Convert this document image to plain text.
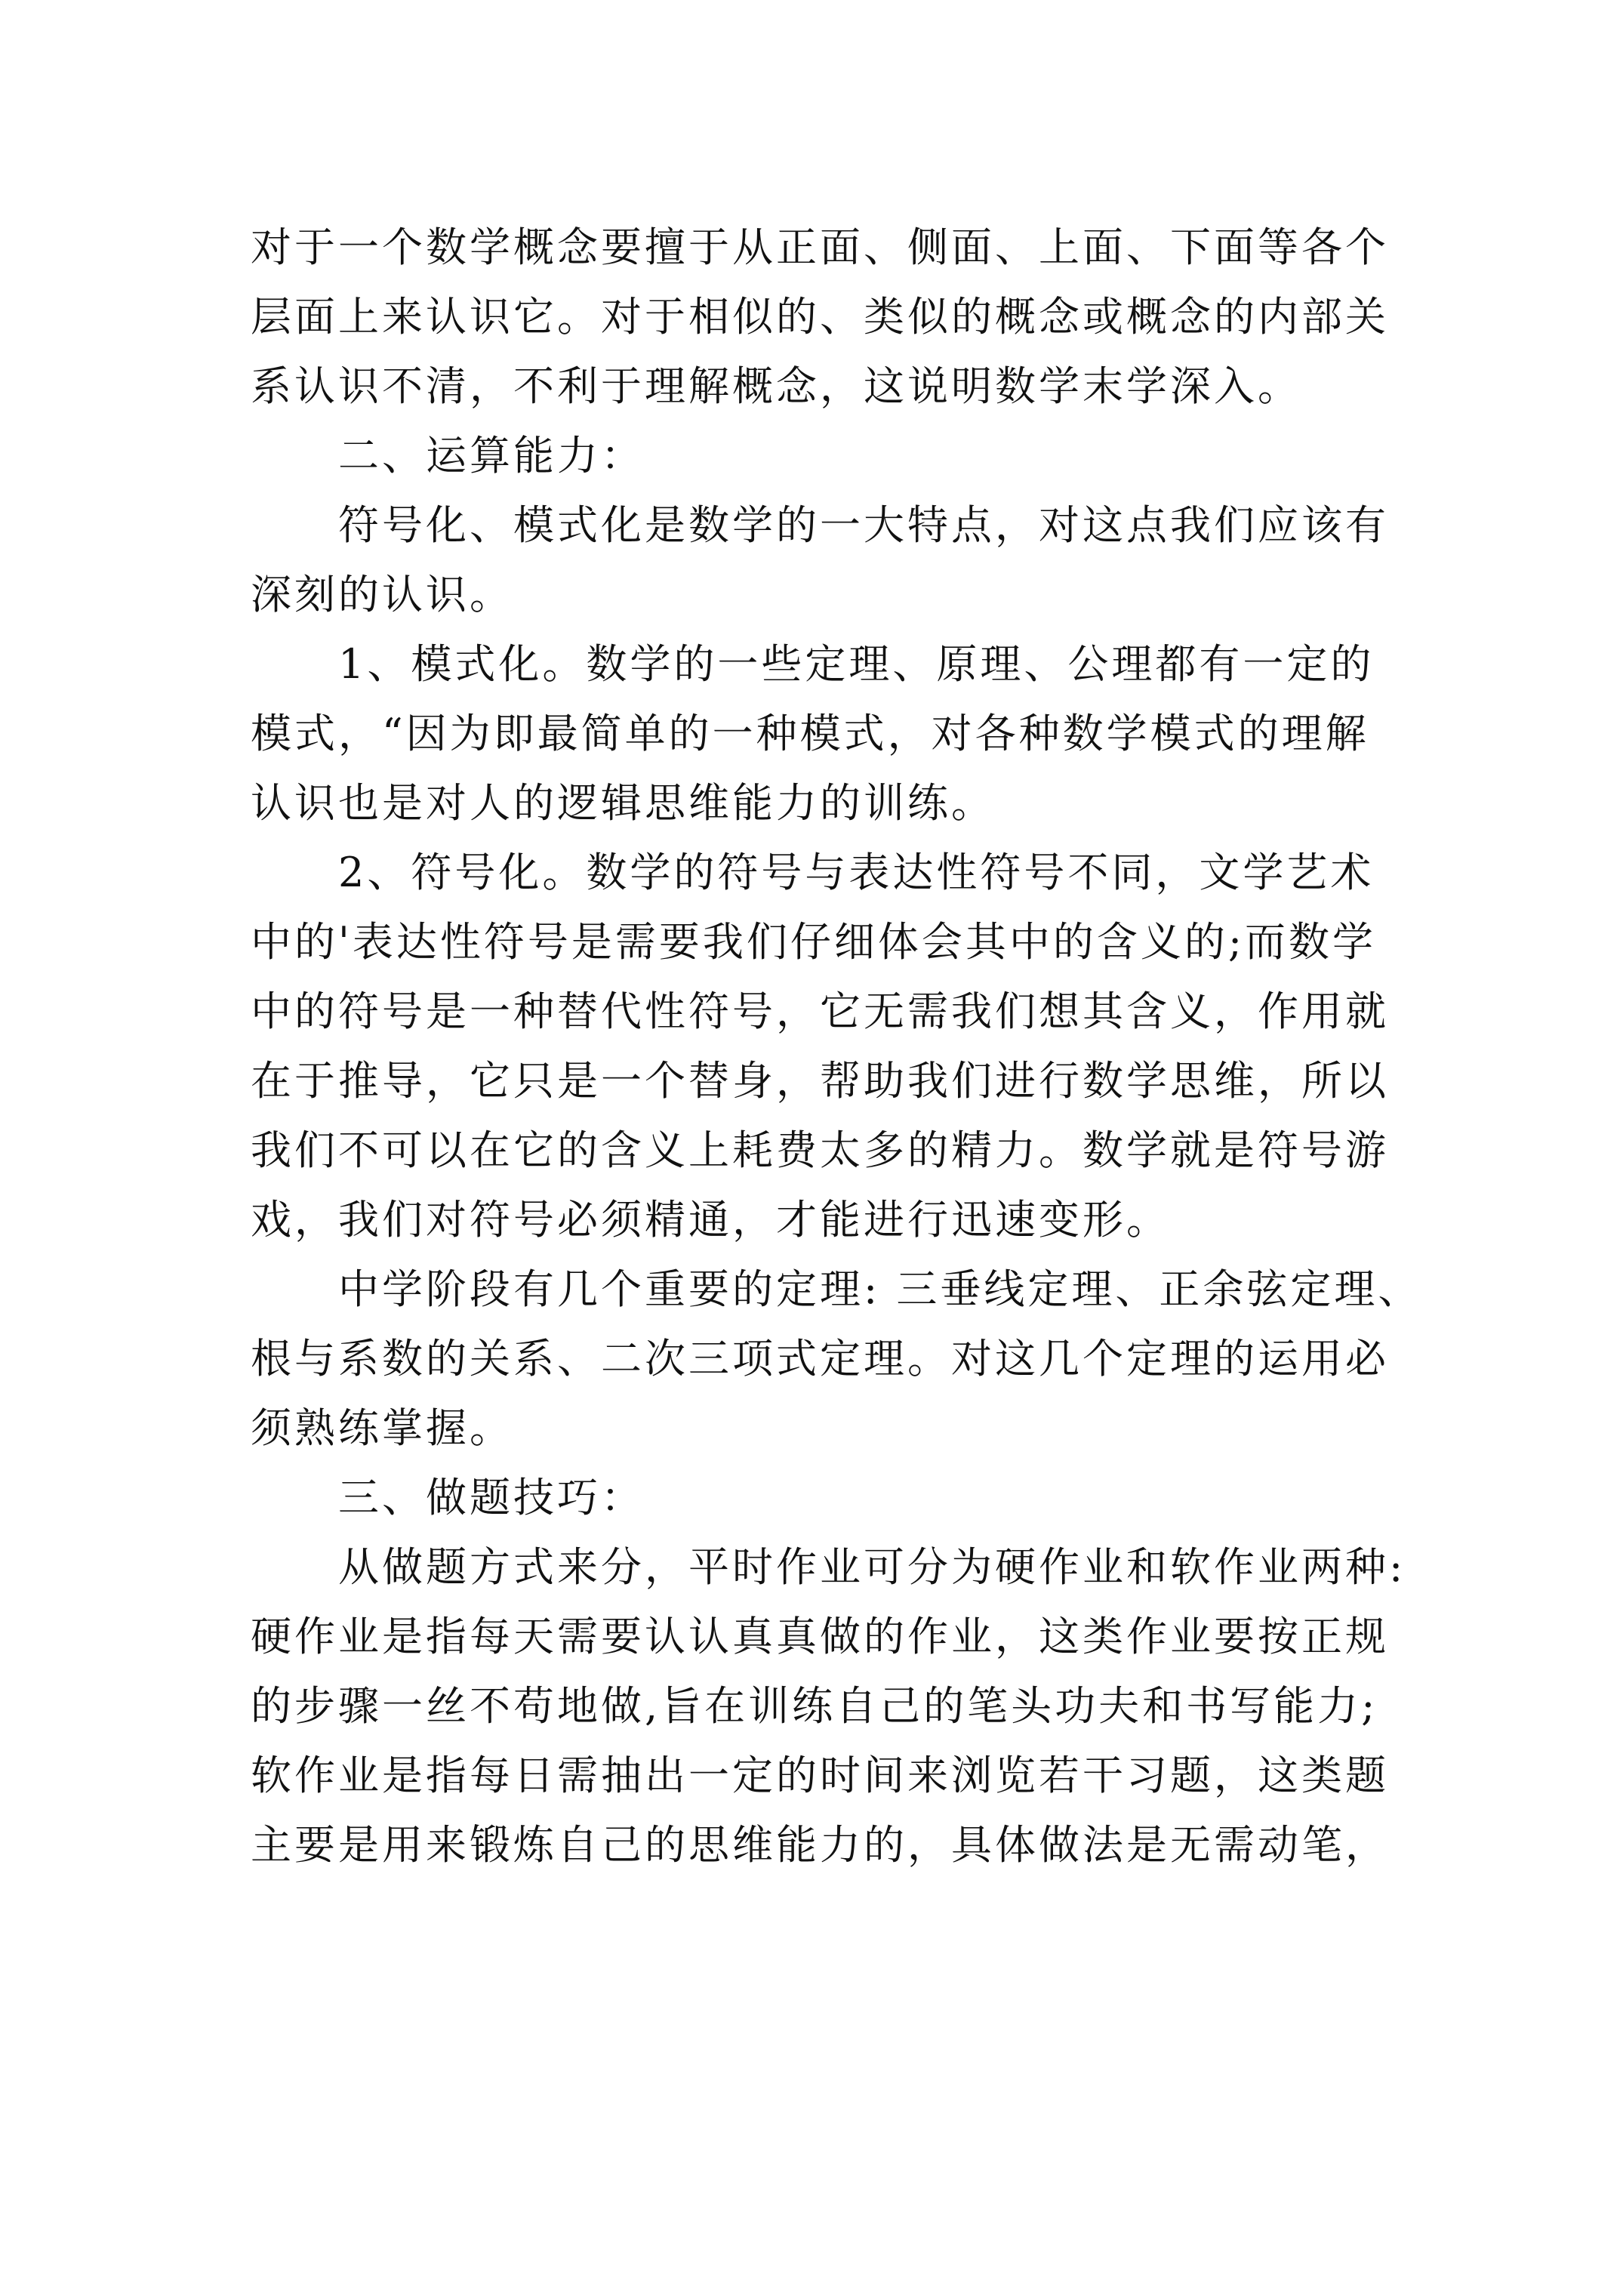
对于一个数学概念要擅于从正面、侧面、上面、下面等各个
层面上来认识它。对于相似的、类似的概念或概念的内部关
系认识不清，不利于理解概念，这说明数学末学深入。
二、运算能力：
符号化、模式化是数学的一大特点，对这点我们应该有
深刻的认识。
1、模式化。数学的一些定理、原理、公理都有一定的
模式，“因为即最简单的一种模式，对各种数学模式的理解
认识也是对人的逻辑思维能力的训练。
2、符号化。数学的符号与表达性符号不同，文学艺术
中的'表达性符号是需要我们仔细体会其中的含义的;而数学
中的符号是一种替代性符号，它无需我们想其含义，作用就
在于推导，它只是一个替身，帮助我们进行数学思维，所以
我们不可以在它的含义上耗费太多的精力。数学就是符号游
戏，我们对符号必须精通，才能进行迅速变形。
中学阶段有几个重要的定理: 三垂线定理、正余弦定理、
根与系数的关系、二次三项式定理。对这几个定理的运用必
须熟练掌握。
三、做题技巧：
从做题方式来分，平时作业可分为硬作业和软作业两种:
硬作业是指每天需要认认真真做的作业，这类作业要按正规
的步骤一丝不苟地做,旨在训练自己的笔头功夫和书写能力;
软作业是指每日需抽出一定的时间来浏览若干习题，这类题
主要是用来锻炼自己的思维能力的，具体做法是无需动笔，
